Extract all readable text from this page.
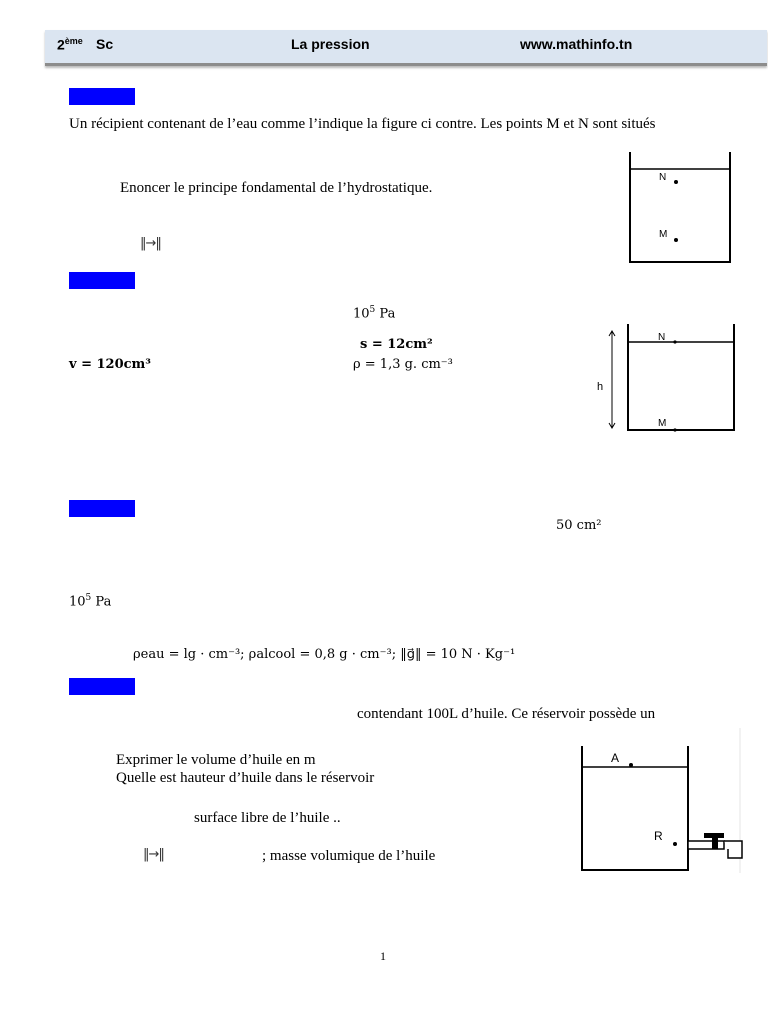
2ème Sc	La pression	www.mathinfo.tn
Un récipient contenant de l’eau comme l’indique la figure ci contre. Les points M et N sont situés
Enoncer le principe fondamental de l’hydrostatique.
‖→‖
N
M
$10^5$ Pa
s = 12cm²
v = 120cm³	ρ = 1,3 g. cm⁻³
h
N
M
50 cm²
$10^5$ Pa
ρeau = lg · cm⁻³; ρalcool = 0,8 g · cm⁻³; ‖g⃗‖ = 10 N · Kg⁻¹
contendant 100L d’huile. Ce réservoir possède un
Exprimer le volume d’huile en m
Quelle est hauteur d’huile dans le réservoir
surface libre de l’huile ..
‖→‖	; masse volumique de l’huile
A
R
1
